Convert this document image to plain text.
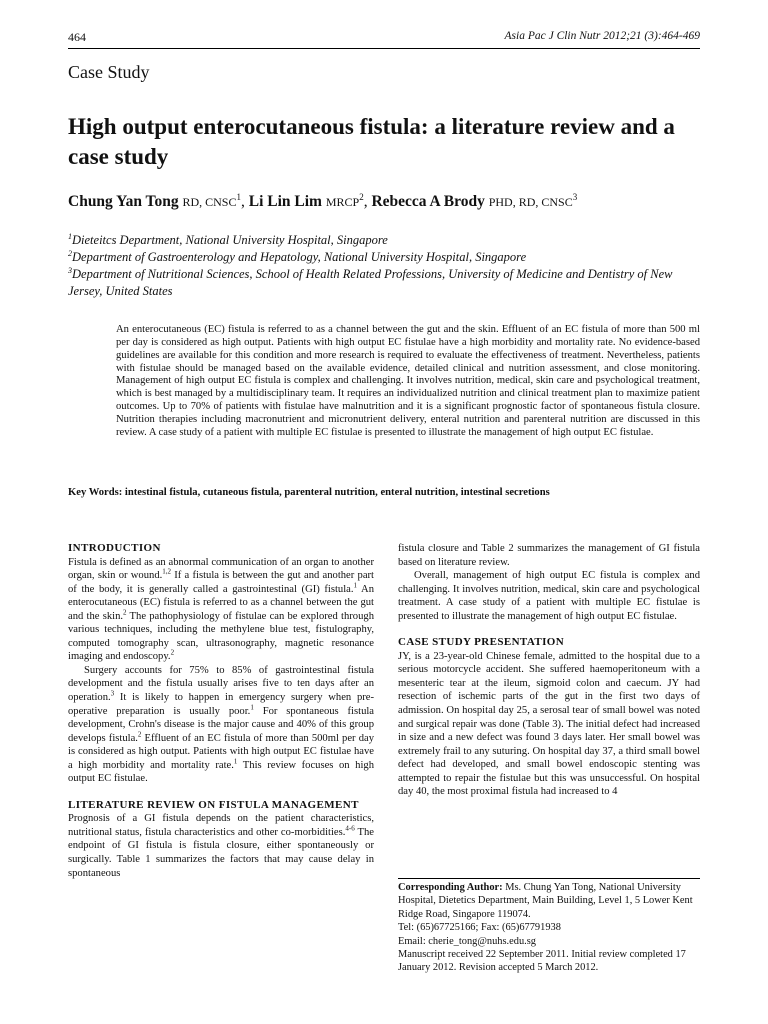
464	Asia Pac J Clin Nutr 2012;21 (3):464-469
Case Study
High output enterocutaneous fistula: a literature review and a case study
Chung Yan Tong RD, CNSC$^1$, Li Lin Lim MRCP$^2$, Rebecca A Brody PHD, RD, CNSC$^3$
$^1$Dieteitcs Department, National University Hospital, Singapore
$^2$Department of Gastroenterology and Hepatology, National University Hospital, Singapore
$^3$Department of Nutritional Sciences, School of Health Related Professions, University of Medicine and Dentistry of New Jersey, United States
An enterocutaneous (EC) fistula is referred to as a channel between the gut and the skin. Effluent of an EC fistula of more than 500 ml per day is considered as high output. Patients with high output EC fistulae have a high morbidity and mortality rate. No evidence-based guidelines are available for this condition and more research is required to evaluate the effectiveness of treatment. Nevertheless, patients with fistulae should be managed based on the available evidence, detailed clinical and nutrition assessment, and close monitoring. Management of high output EC fistula is complex and challenging. It involves nutrition, medical, skin care and psychological treatment, which is best managed by a multidisciplinary team. It requires an individualized nutrition and clinical treatment plan to maximize patient outcomes. Up to 70% of patients with fistulae have malnutrition and it is a significant prognostic factor of spontaneous fistula closure. Nutrition therapies including macronutrient and micronutrient delivery, enteral nutrition and parenteral nutrition are discussed in this review. A case study of a patient with multiple EC fistulae is presented to illustrate the management of high output EC fistulae.
Key Words: intestinal fistula, cutaneous fistula, parenteral nutrition, enteral nutrition, intestinal secretions
INTRODUCTION

Fistula is defined as an abnormal communication of an organ to another organ, skin or wound.$^{1,2}$ If a fistula is between the gut and another part of the body, it is generally called a gastrointestinal (GI) fistula.$^1$ An enterocutaneous (EC) fistula is referred to as a channel between the gut and the skin.$^2$ The pathophysiology of fistulae can be explored through various techniques, including the methylene blue test, fistulography, computed tomography scan, ultrasonography, magnetic resonance imaging and endoscopy.$^2$

Surgery accounts for 75% to 85% of gastrointestinal fistula development and the fistula usually arises five to ten days after an operation.$^3$ It is likely to happen in emergency surgery when pre-operative preparation is usually poor.$^1$ For spontaneous fistula development, Crohn's disease is the major cause and 40% of this group develops fistula.$^2$ Effluent of an EC fistula of more than 500ml per day is considered as high output. Patients with high output EC fistulae have a high morbidity and mortality rate.$^1$ This review focuses on high output EC fistulae.

LITERATURE REVIEW ON FISTULA MANAGEMENT

Prognosis of a GI fistula depends on the patient characteristics, nutritional status, fistula characteristics and other co-morbidities.$^{4-6}$ The endpoint of GI fistula is fistula closure, either spontaneously or surgically. Table 1 summarizes the factors that may cause delay in spontaneous

fistula closure and Table 2 summarizes the management of GI fistula based on literature review.

Overall, management of high output EC fistula is complex and challenging. It involves nutrition, medical, skin care and psychological treatment. A case study of a patient with multiple EC fistulae is presented to illustrate the management of high output EC fistulae.

CASE STUDY PRESENTATION

JY, is a 23-year-old Chinese female, admitted to the hospital due to a serious motorcycle accident. She suffered haemoperitoneum with a mesenteric tear at the ileum, sigmoid colon and caecum. JY had resection of ischemic parts of the gut in the first two days of admission. On hospital day 25, a serosal tear of small bowel was noted and surgical repair was done (Table 3). The initial defect had increased in size and a new defect was found 3 days later. Her small bowel was extremely frail to any suturing. On hospital day 37, a third small bowel defect had developed, and small bowel endoscopic stenting was attempted to repair the fistulae but this was unsuccessful. On hospital day 40, the most proximal fistula had increased to 4

Corresponding Author: Ms. Chung Yan Tong, National University Hospital, Dietetics Department, Main Building, Level 1, 5 Lower Kent Ridge Road, Singapore 119074.

Tel: (65)67725166; Fax: (65)67791938

Email: cherie_tong@nuhs.edu.sg

Manuscript received 22 September 2011. Initial review completed 17 January 2012. Revision accepted 5 March 2012.
